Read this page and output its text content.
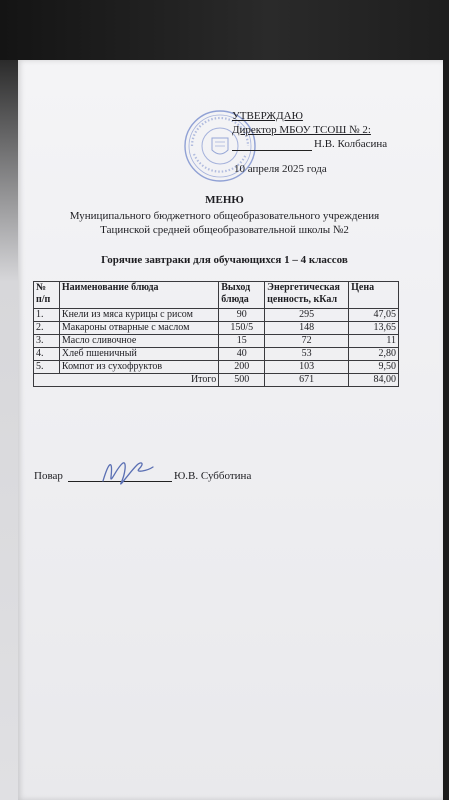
УТВЕРЖДАЮ
Директор МБОУ ТСОШ № 2:
Н.В. Колбасина
10 апреля 2025 года
МЕНЮ
Муниципального бюджетного общеобразовательного учреждения
Тацинской средней общеобразовательной школы №2
Горячие завтраки для обучающихся 1 – 4 классов
№ п/п	Наименование блюда	Выход блюда	Энергетическая ценность, кКал	Цена
1.	Кнели из мяса курицы с рисом	90	295	47,05
2.	Макароны отварные с маслом	150/5	148	13,65
3.	Масло сливочное	15	72	11
4.	Хлеб пшеничный	40	53	2,80
5.	Компот из сухофруктов	200	103	9,50
Итого		500	671	84,00
Повар	Ю.В. Субботина
